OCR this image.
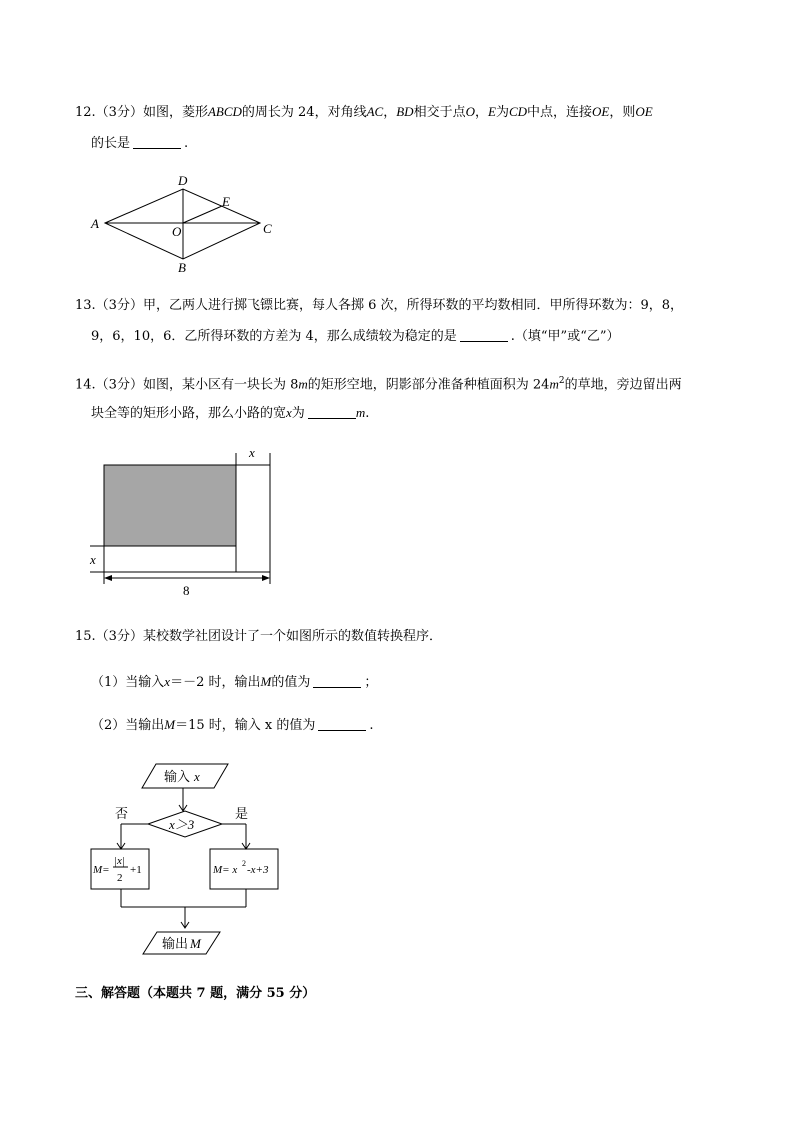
12.（3分）如图，菱形ABCD的周长为 24，对角线AC，BD相交于点O，E为CD中点，连接OE，则OE
的长是	.
A
D
E
O	C
B
13.（3分）甲，乙两人进行掷飞镖比赛，每人各掷 6 次，所得环数的平均数相同．甲所得环数为：9，8，
9，6，10，6．乙所得环数的方差为 4，那么成绩较为稳定的是	.（填“甲”或“乙”）
14.（3分）如图，某小区有一块长为 8m的矩形空地，阴影部分准备种植面积为 $24m^2$的草地，旁边留出两
块全等的矩形小路，那么小路的宽x为	m.
x
x
8
15.（3分）某校数学社团设计了一个如图所示的数值转换程序．
（1）当输入x＝－2 时，输出M的值为	；
（2）当输出M＝15 时，输入 x 的值为	.
输入 x
x＞3
否	是
M=
|x|
2
+1	M= x
2
-x+3
输出 M
三、解答题（本题共 7 题，满分 55 分）
